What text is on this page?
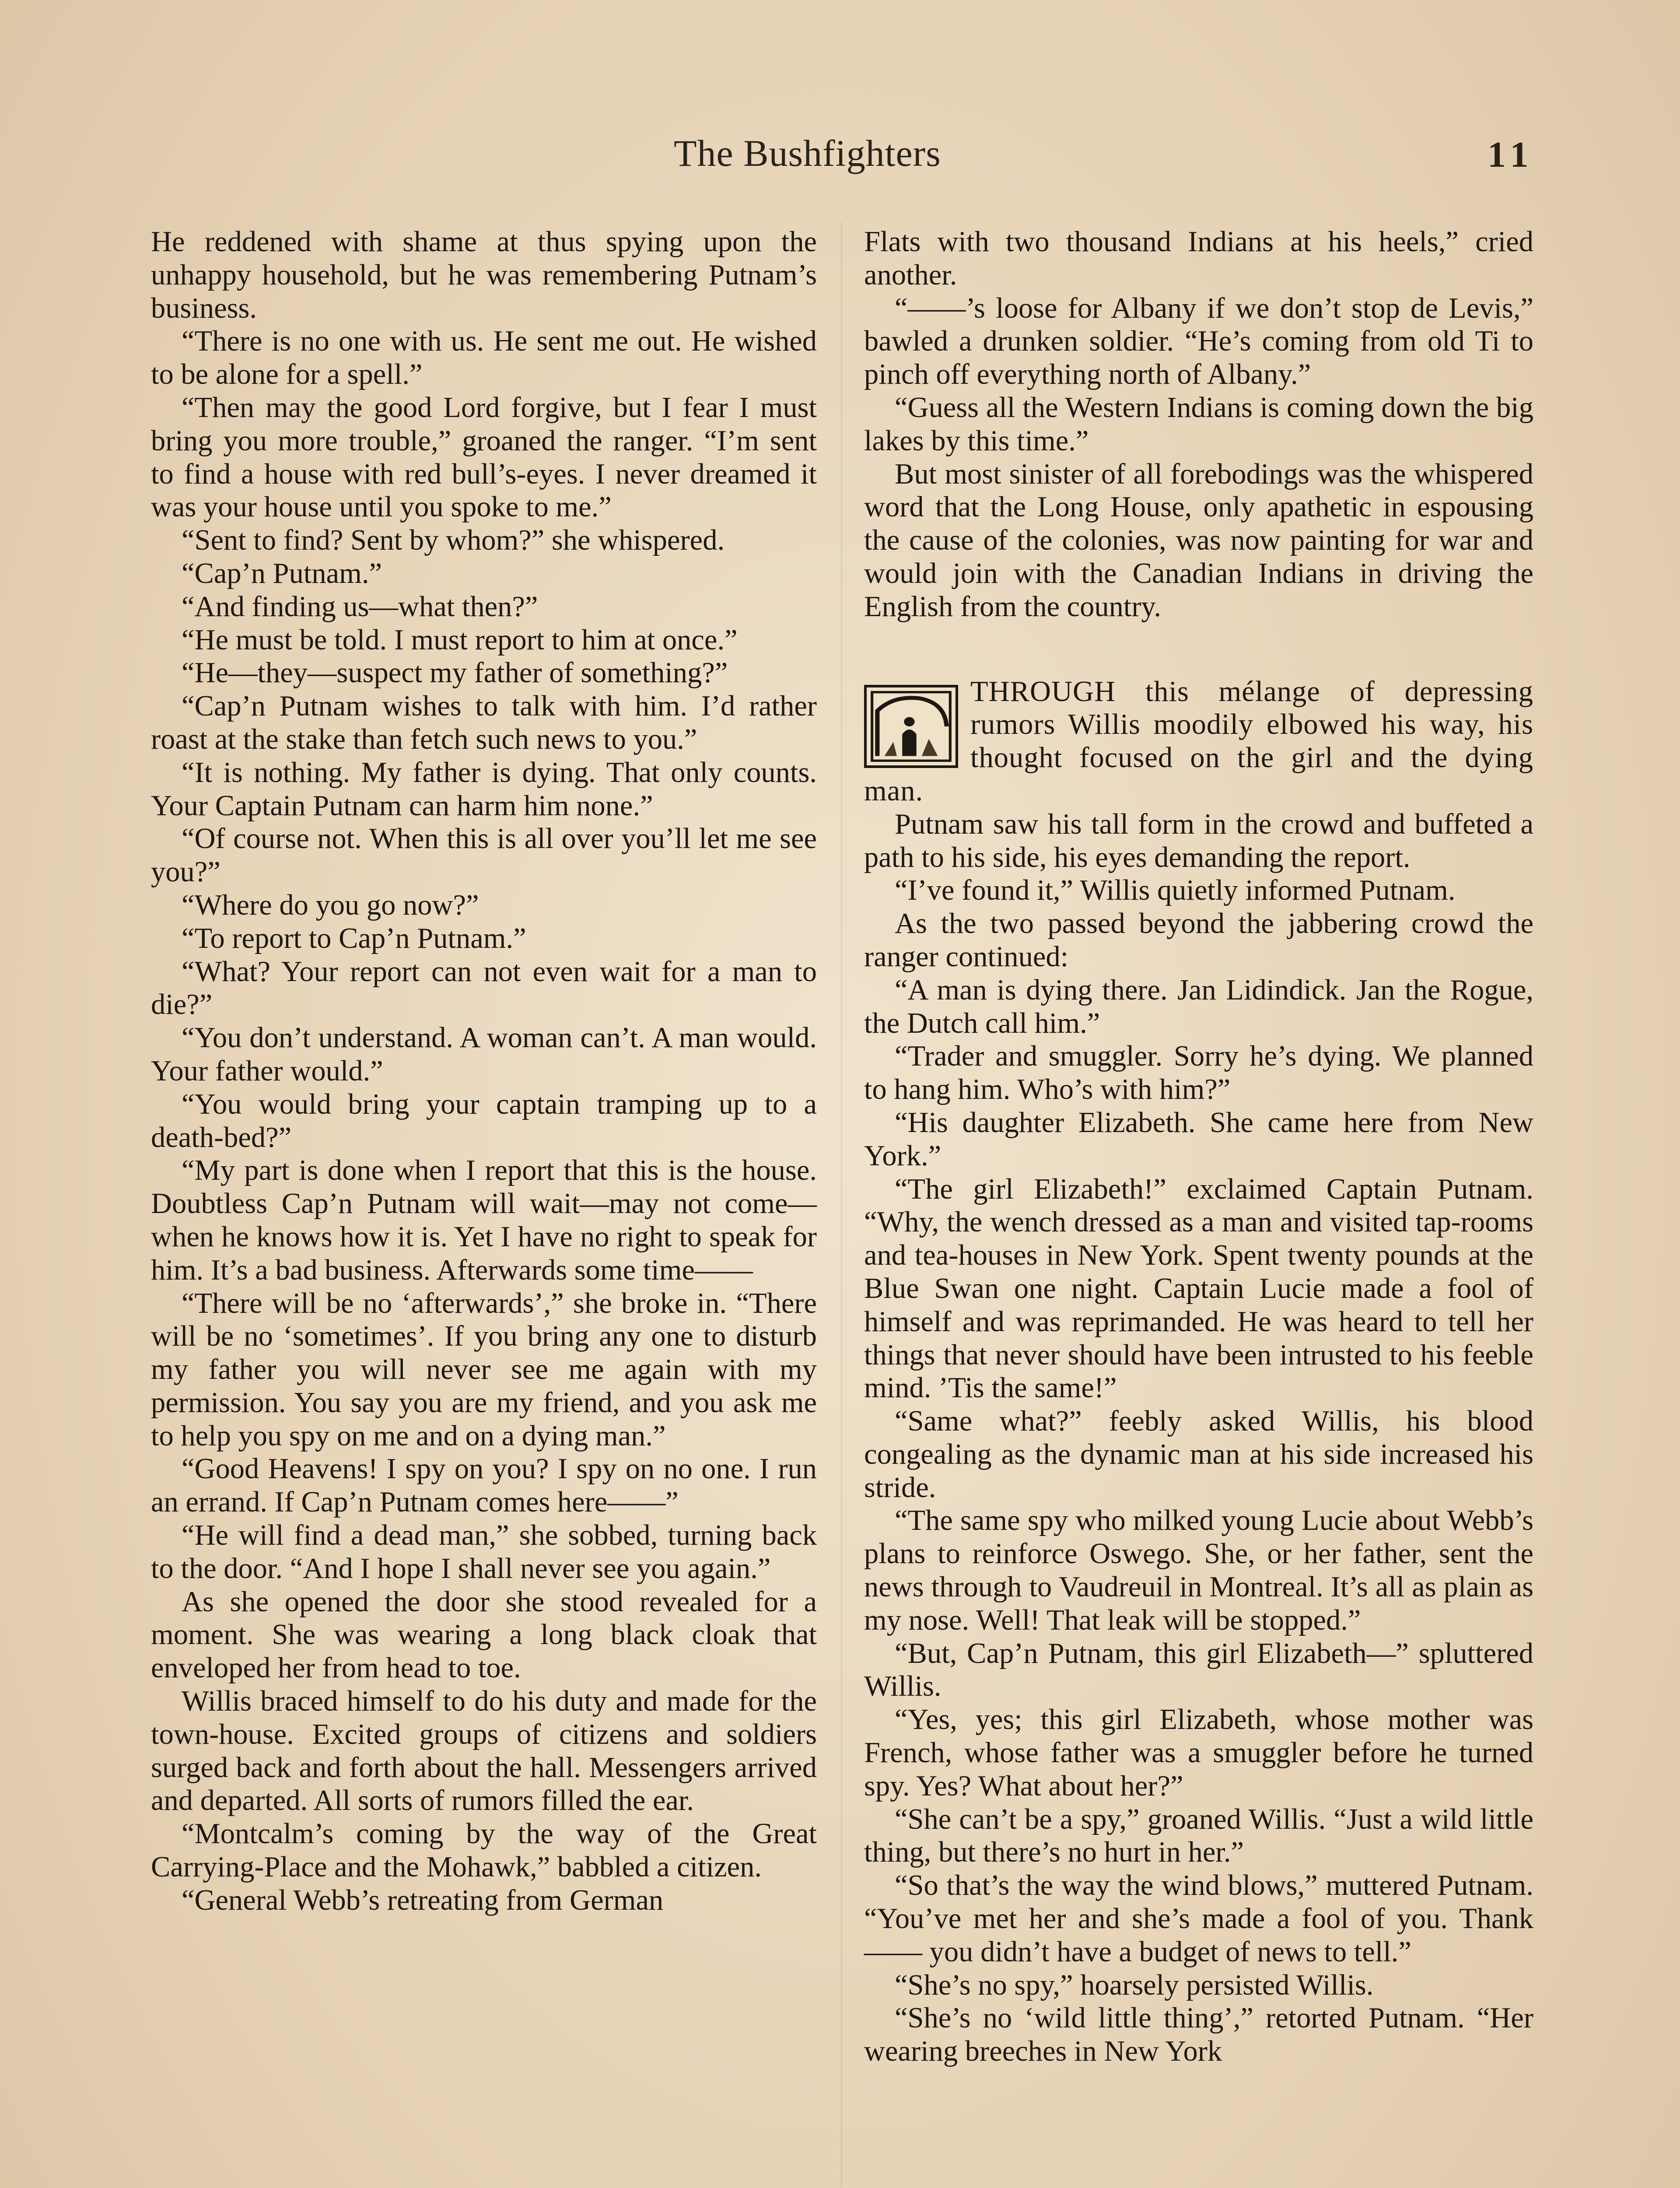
The Bushfighters	11

He reddened with shame at thus spying upon the unhappy household, but he was remembering Putnam’s business.

“There is no one with us. He sent me out. He wished to be alone for a spell.”

“Then may the good Lord forgive, but I fear I must bring you more trouble,” groaned the ranger. “I’m sent to find a house with red bull’s-eyes. I never dreamed it was your house until you spoke to me.”

“Sent to find? Sent by whom?” she whispered.

“Cap’n Putnam.”

“And finding us—what then?”

“He must be told. I must report to him at once.”

“He—they—suspect my father of something?”

“Cap’n Putnam wishes to talk with him. I’d rather roast at the stake than fetch such news to you.”

“It is nothing. My father is dying. That only counts. Your Captain Putnam can harm him none.”

“Of course not. When this is all over you’ll let me see you?”

“Where do you go now?”

“To report to Cap’n Putnam.”

“What? Your report can not even wait for a man to die?”

“You don’t understand. A woman can’t. A man would. Your father would.”

“You would bring your captain tramping up to a death-bed?”

“My part is done when I report that this is the house. Doubtless Cap’n Putnam will wait—may not come—when he knows how it is. Yet I have no right to speak for him. It’s a bad business. Afterwards some time——

“There will be no ‘afterwards’,” she broke in. “There will be no ‘sometimes’. If you bring any one to disturb my father you will never see me again with my permission. You say you are my friend, and you ask me to help you spy on me and on a dying man.”

“Good Heavens! I spy on you? I spy on no one. I run an errand. If Cap’n Putnam comes here——”

“He will find a dead man,” she sobbed, turning back to the door. “And I hope I shall never see you again.”

As she opened the door she stood revealed for a moment. She was wearing a long black cloak that enveloped her from head to toe.

Willis braced himself to do his duty and made for the town-house. Excited groups of citizens and soldiers surged back and forth about the hall. Messengers arrived and departed. All sorts of rumors filled the ear.

“Montcalm’s coming by the way of the Great Carrying-Place and the Mohawk,” babbled a citizen.

“General Webb’s retreating from German

Flats with two thousand Indians at his heels,” cried another.

“——’s loose for Albany if we don’t stop de Levis,” bawled a drunken soldier. “He’s coming from old Ti to pinch off everything north of Albany.”

“Guess all the Western Indians is coming down the big lakes by this time.”

But most sinister of all forebodings was the whispered word that the Long House, only apathetic in espousing the cause of the colonies, was now painting for war and would join with the Canadian Indians in driving the English from the country.

THROUGH this mélange of depressing rumors Willis moodily elbowed his way, his thought focused on the girl and the dying man.

Putnam saw his tall form in the crowd and buffeted a path to his side, his eyes demanding the report.

“I’ve found it,” Willis quietly informed Putnam.

As the two passed beyond the jabbering crowd the ranger continued:

“A man is dying there. Jan Lidindick. Jan the Rogue, the Dutch call him.”

“Trader and smuggler. Sorry he’s dying. We planned to hang him. Who’s with him?”

“His daughter Elizabeth. She came here from New York.”

“The girl Elizabeth!” exclaimed Captain Putnam. “Why, the wench dressed as a man and visited tap-rooms and tea-houses in New York. Spent twenty pounds at the Blue Swan one night. Captain Lucie made a fool of himself and was reprimanded. He was heard to tell her things that never should have been intrusted to his feeble mind. ’Tis the same!”

“Same what?” feebly asked Willis, his blood congealing as the dynamic man at his side increased his stride.

“The same spy who milked young Lucie about Webb’s plans to reinforce Oswego. She, or her father, sent the news through to Vaudreuil in Montreal. It’s all as plain as my nose. Well! That leak will be stopped.”

“But, Cap’n Putnam, this girl Elizabeth—” spluttered Willis.

“Yes, yes; this girl Elizabeth, whose mother was French, whose father was a smuggler before he turned spy. Yes? What about her?”

“She can’t be a spy,” groaned Willis. “Just a wild little thing, but there’s no hurt in her.”

“So that’s the way the wind blows,” muttered Putnam. “You’ve met her and she’s made a fool of you. Thank —— you didn’t have a budget of news to tell.”

“She’s no spy,” hoarsely persisted Willis.

“She’s no ‘wild little thing’,” retorted Putnam. “Her wearing breeches in New York
